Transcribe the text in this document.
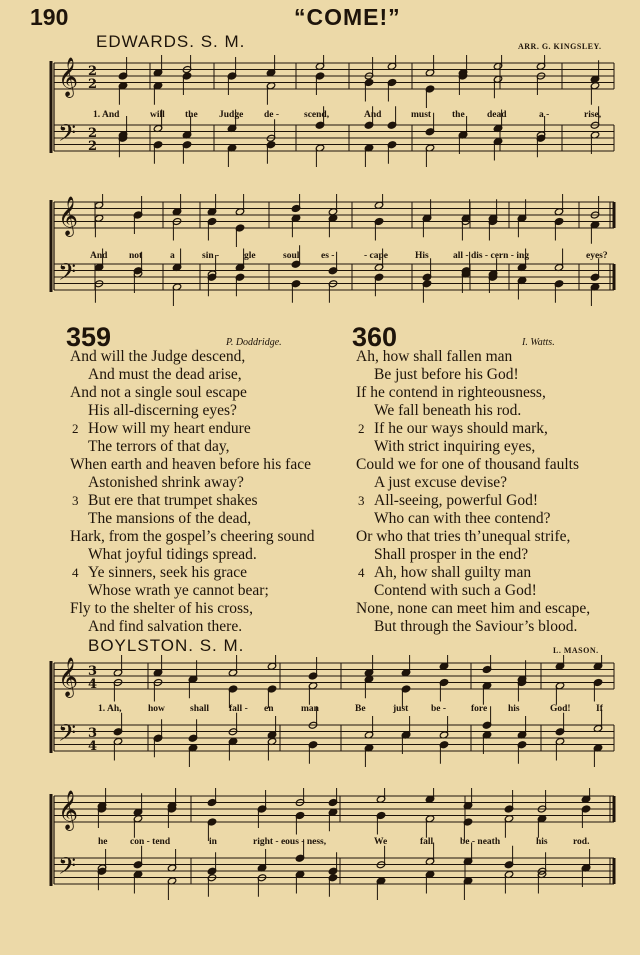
190	“COME!”
EDWARDS. S. M.	ARR. G. KINGSLEY.
𝄞
𝄢
2
2
2
2
𝄞
𝄢
1. And	will the Judge de -	scend,	And	must the dead	a -	rise,
And not	a	sin -	gle	soul es -	- cape	His	all - dis - cern - ing	eyes?
359	P. Doddridge.
And will the Judge descend,
And must the dead arise,
And not a single soul escape
His all-discerning eyes?
2 How will my heart endure
The terrors of that day,
When earth and heaven before his face
Astonished shrink away?
3 But ere that trumpet shakes
The mansions of the dead,
Hark, from the gospel’s cheering sound
What joyful tidings spread.
4 Ye sinners, seek his grace
Whose wrath ye cannot bear;
Fly to the shelter of his cross,
And find salvation there.
360	I. Watts.
Ah, how shall fallen man
Be just before his God!
If he contend in righteousness,
We fall beneath his rod.
2 If he our ways should mark,
With strict inquiring eyes,
Could we for one of thousand faults
A just excuse devise?
3 All-seeing, powerful God!
Who can with thee contend?
Or who that tries th’unequal strife,
Shall prosper in the end?
4 Ah, how shall guilty man
Contend with such a God!
None, none can meet him and escape,
But through the Saviour’s blood.
BOYLSTON. S. M.	L. MASON.
𝄞
𝄢
3
4
3
4
𝄞
𝄢
1. Ah,	how	shall fall - en	man	Be	just be -	fore his	God!	If
he con - tend	in	right - eous - ness,	We	fall	be - neath	his	rod.
